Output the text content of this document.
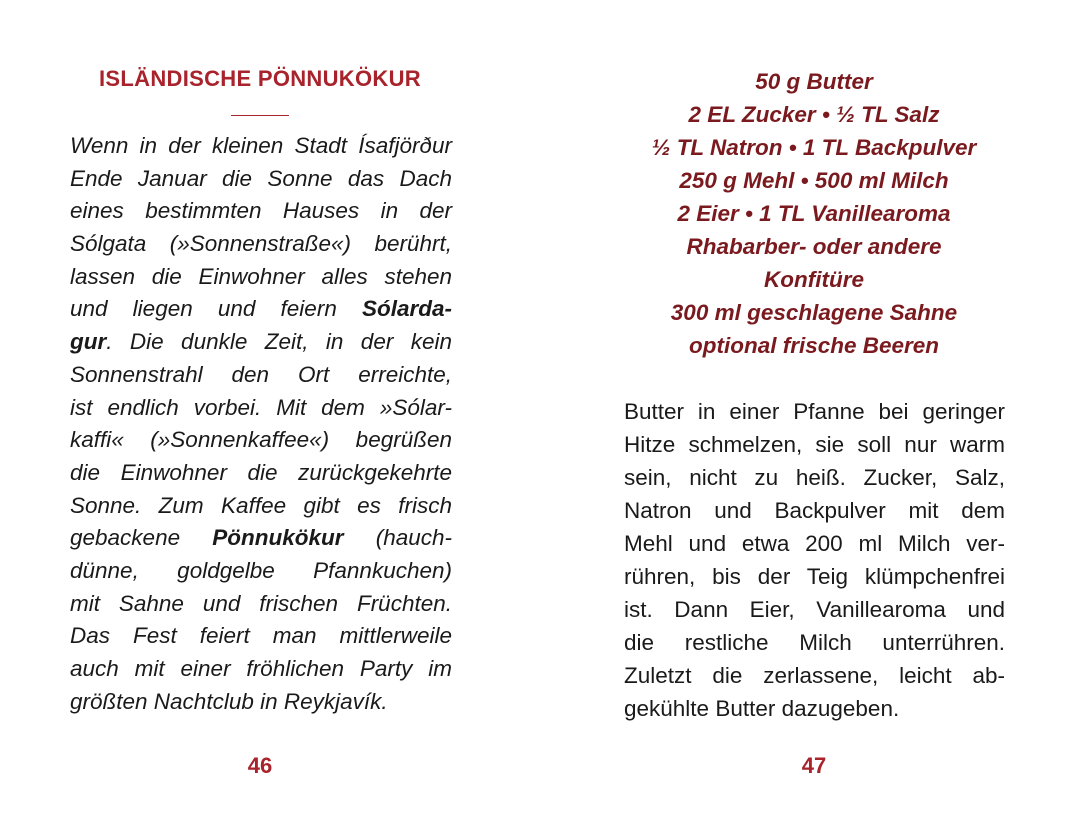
ISLÄNDISCHE PÖNNUKÖKUR
Wenn in der kleinen Stadt Ísafjörður
Ende Januar die Sonne das Dach
eines bestimmten Hauses in der
Sólgata (»Sonnenstraße«) berührt,
lassen die Einwohner alles stehen
und liegen und feiern Sólarda-
gur. Die dunkle Zeit, in der kein
Sonnenstrahl den Ort erreichte,
ist endlich vorbei. Mit dem »Sólar-
kaffi« (»Sonnenkaffee«) begrüßen
die Einwohner die zurückgekehrte
Sonne. Zum Kaffee gibt es frisch
gebackene Pönnukökur (hauch-
dünne, goldgelbe Pfannkuchen)
mit Sahne und frischen Früchten.
Das Fest feiert man mittlerweile
auch mit einer fröhlichen Party im
größten Nachtclub in Reykjavík.
46
50 g Butter
2 EL Zucker • ½ TL Salz
½ TL Natron • 1 TL Backpulver
250 g Mehl • 500 ml Milch
2 Eier • 1 TL Vanillearoma
Rhabarber- oder andere
Konfitüre
300 ml geschlagene Sahne
optional frische Beeren
Butter in einer Pfanne bei geringer
Hitze schmelzen, sie soll nur warm
sein, nicht zu heiß. Zucker, Salz,
Natron und Backpulver mit dem
Mehl und etwa 200 ml Milch ver-
rühren, bis der Teig klümpchenfrei
ist. Dann Eier, Vanillearoma und
die restliche Milch unterrühren.
Zuletzt die zerlassene, leicht ab-
gekühlte Butter dazugeben.
47
